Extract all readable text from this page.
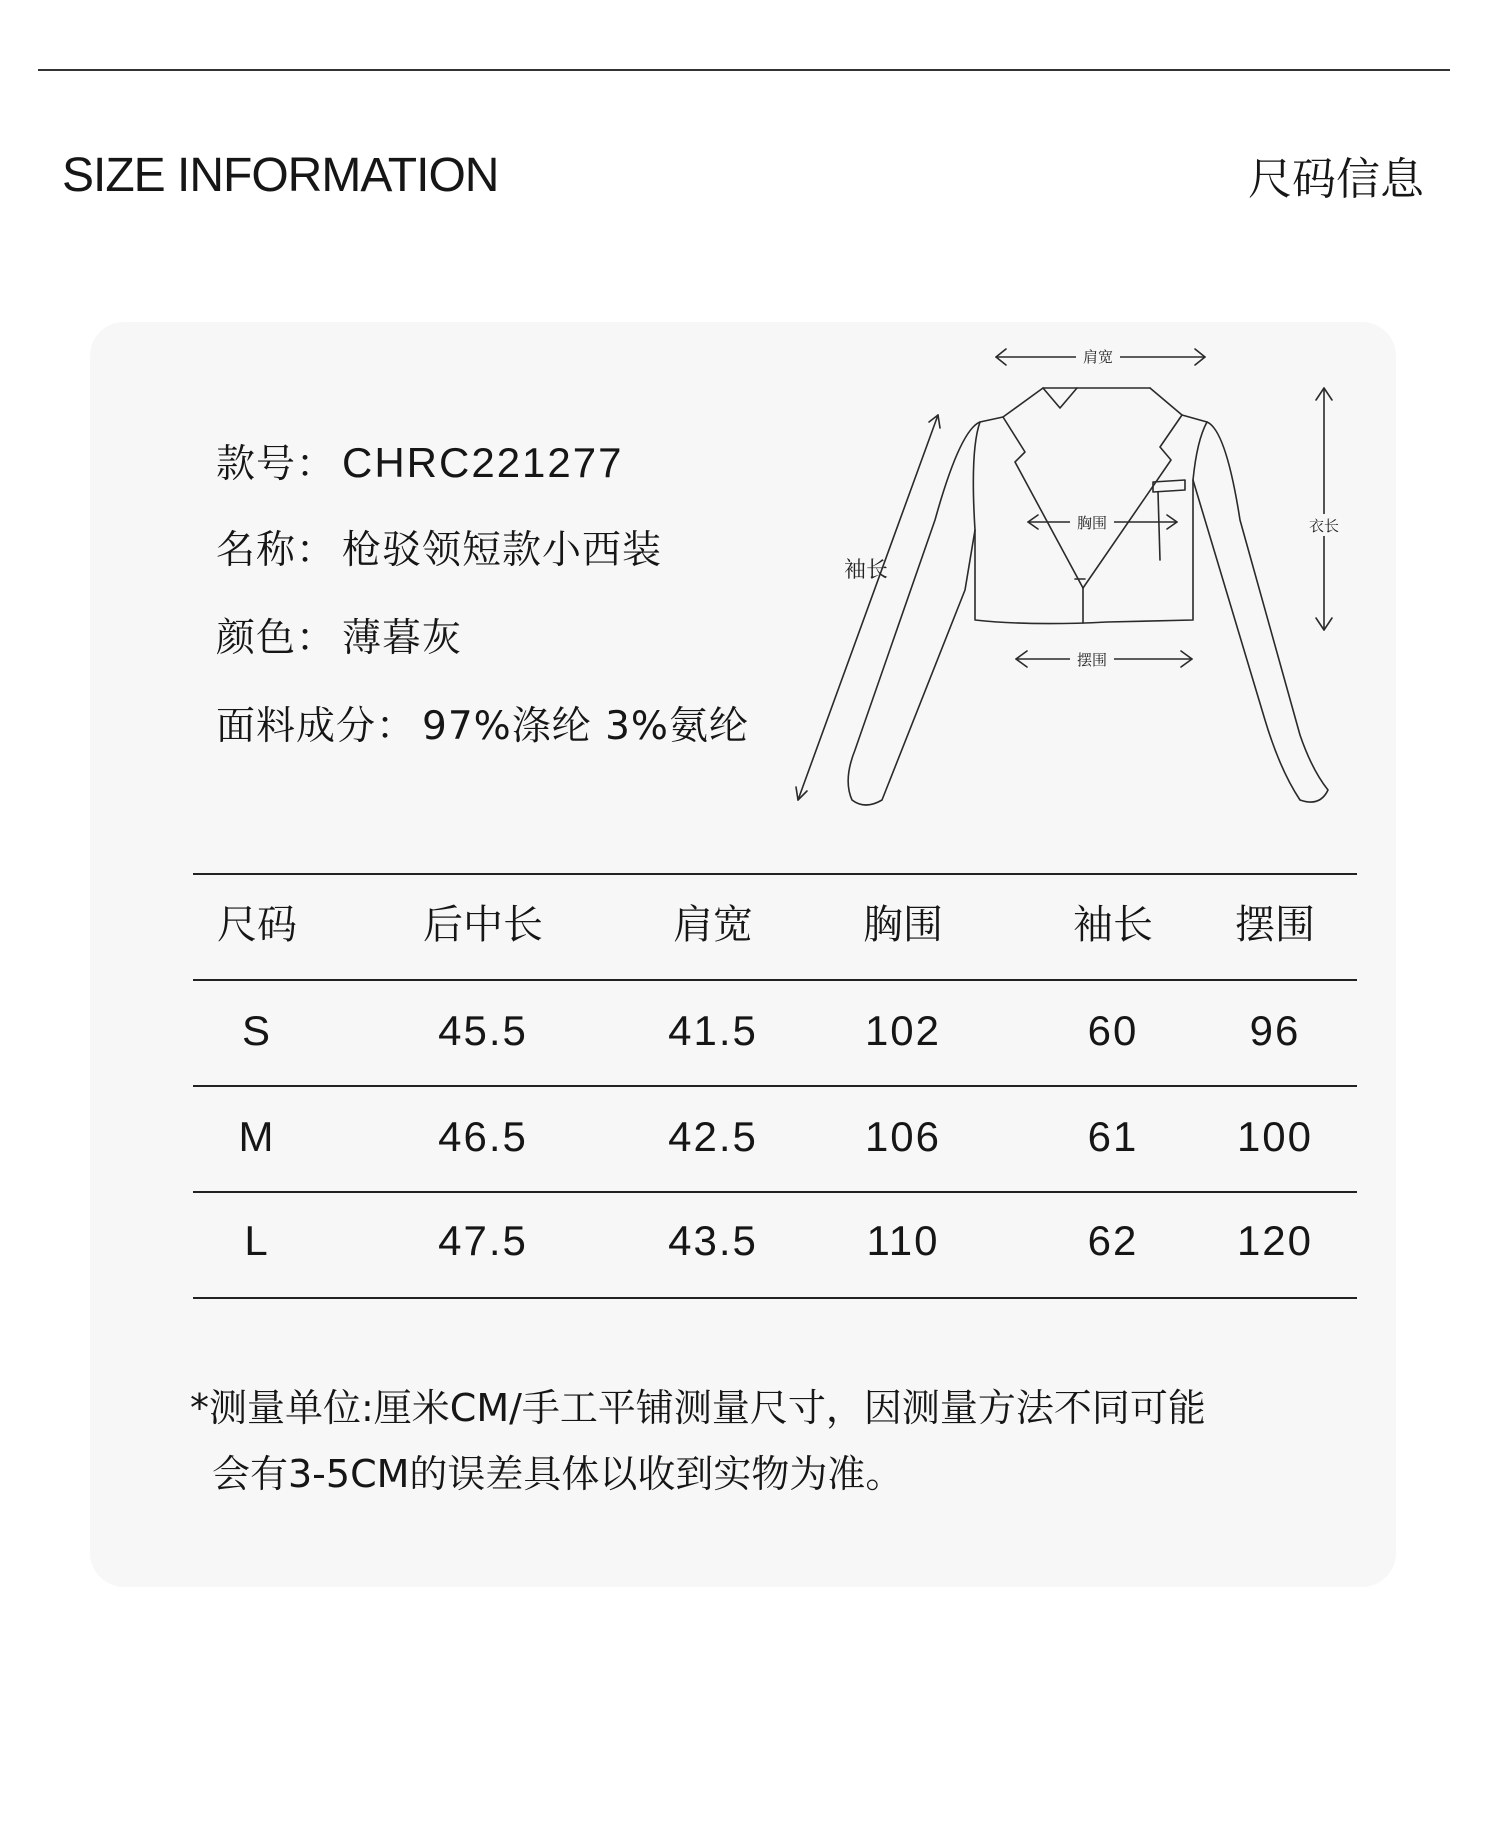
SIZE INFORMATION	尺码信息
款号： CHRC221277
名称： 枪驳领短款小西装
颜色： 薄暮灰
面料成分： 97%涤纶 3%氨纶
肩宽
胸围
摆围
衣长
袖长
尺码	后中长	肩宽	胸围	袖长	摆围
S	45.5	41.5	102	60	96
M	46.5	42.5	106	61	100
L	47.5	43.5	110	62	120
*测量单位:厘米CM/手工平铺测量尺寸，因测量方法不同可能
会有3-5CM的误差具体以收到实物为准。
